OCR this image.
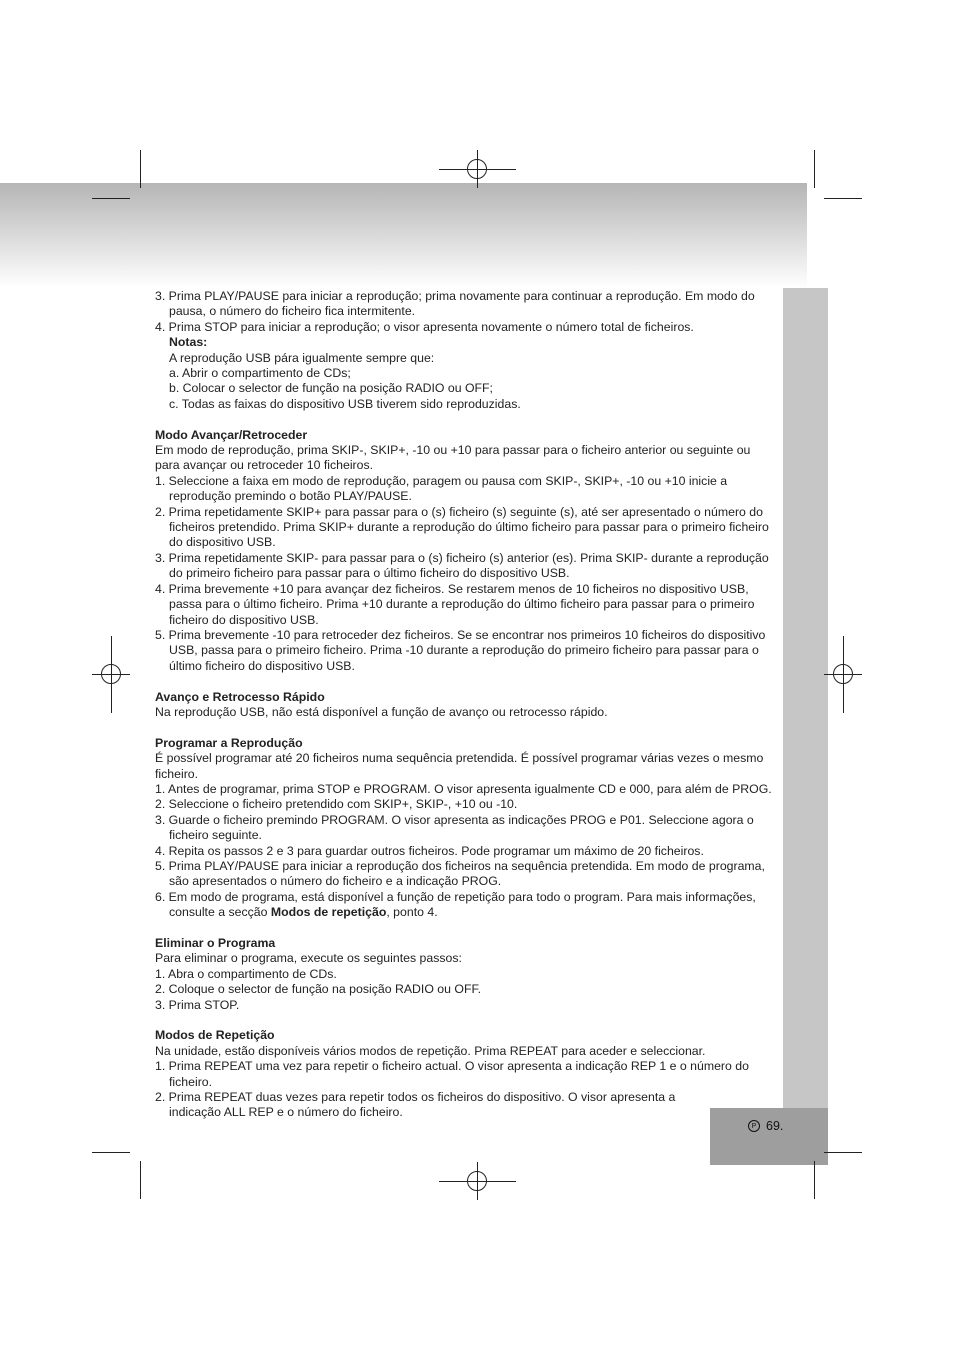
P 69.

3. Prima PLAY/PAUSE para iniciar a reprodução; prima novamente para continuar a reprodução. Em modo do pausa, o número do ficheiro fica intermitente.

4. Prima STOP para iniciar a reprodução; o visor apresenta novamente o número total de ficheiros.

Notas:

A reprodução USB pára igualmente sempre que:

a. Abrir o compartimento de CDs;

b. Colocar o selector de função na posição RADIO ou OFF;

c. Todas as faixas do dispositivo USB tiverem sido reproduzidas.

Modo Avançar/Retroceder

Em modo de reprodução, prima SKIP-, SKIP+, -10 ou +10 para passar para o ficheiro anterior ou seguinte ou para avançar ou retroceder 10 ficheiros.

1. Seleccione a faixa em modo de reprodução, paragem ou pausa com SKIP-, SKIP+, -10 ou +10 inicie a reprodução premindo o botão PLAY/PAUSE.

2. Prima repetidamente SKIP+ para passar para o (s) ficheiro (s) seguinte (s), até ser apresentado o número do ficheiros pretendido. Prima SKIP+ durante a reprodução do último ficheiro para passar para o primeiro ficheiro do dispositivo USB.

3. Prima repetidamente SKIP- para passar para o (s) ficheiro (s) anterior (es). Prima SKIP- durante a reprodução do primeiro ficheiro para passar para o último ficheiro do dispositivo USB.

4. Prima brevemente +10 para avançar dez ficheiros. Se restarem menos de 10 ficheiros no dispositivo USB, passa para o último ficheiro. Prima +10 durante a reprodução do último ficheiro para passar para o primeiro ficheiro do dispositivo USB.

5. Prima brevemente -10 para retroceder dez ficheiros. Se se encontrar nos primeiros 10 ficheiros do dispositivo USB, passa para o primeiro ficheiro. Prima -10 durante a reprodução do primeiro ficheiro para passar para o último ficheiro do dispositivo USB.

Avanço e Retrocesso Rápido

Na reprodução USB, não está disponível a função de avanço ou retrocesso rápido.

Programar a Reprodução

É possível programar até 20 ficheiros numa sequência pretendida. É possível programar várias vezes o mesmo ficheiro.

1. Antes de programar, prima STOP e PROGRAM. O visor apresenta igualmente CD e 000, para além de PROG.

2. Seleccione o ficheiro pretendido com SKIP+, SKIP-, +10 ou -10.

3. Guarde o ficheiro premindo PROGRAM. O visor apresenta as indicações PROG e P01. Seleccione agora o ficheiro seguinte.

4. Repita os passos 2 e 3 para guardar outros ficheiros. Pode programar um máximo de 20 ficheiros.

5. Prima PLAY/PAUSE para iniciar a reprodução dos ficheiros na sequência pretendida. Em modo de programa, são apresentados o número do ficheiro e a indicação PROG.

6. Em modo de programa, está disponível a função de repetição para todo o program. Para mais informações, consulte a secção Modos de repetição, ponto 4.

Eliminar o Programa

Para eliminar o programa, execute os seguintes passos:

1. Abra o compartimento de CDs.

2. Coloque o selector de função na posição RADIO ou OFF.

3. Prima STOP.

Modos de Repetição

Na unidade, estão disponíveis vários modos de repetição. Prima REPEAT para aceder e seleccionar.

1. Prima REPEAT uma vez para repetir o ficheiro actual. O visor apresenta a indicação REP 1 e o número do ficheiro.

2. Prima REPEAT duas vezes para repetir todos os ficheiros do dispositivo. O visor apresenta a indicação ALL REP e o número do ficheiro.
